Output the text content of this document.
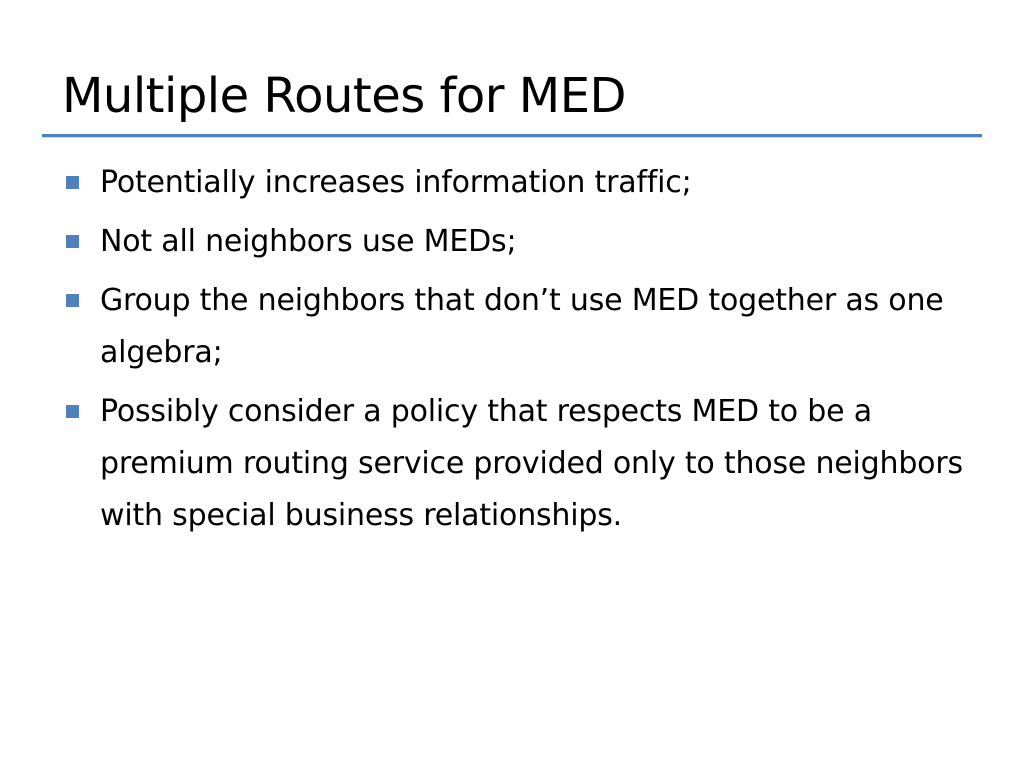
Multiple Routes for MED
Potentially increases information traffic;
Not all neighbors use MEDs;
Group the neighbors that don’t use MED together as one algebra;
Possibly consider a policy that respects MED to be a premium routing service provided only to those neighbors with special business relationships.
